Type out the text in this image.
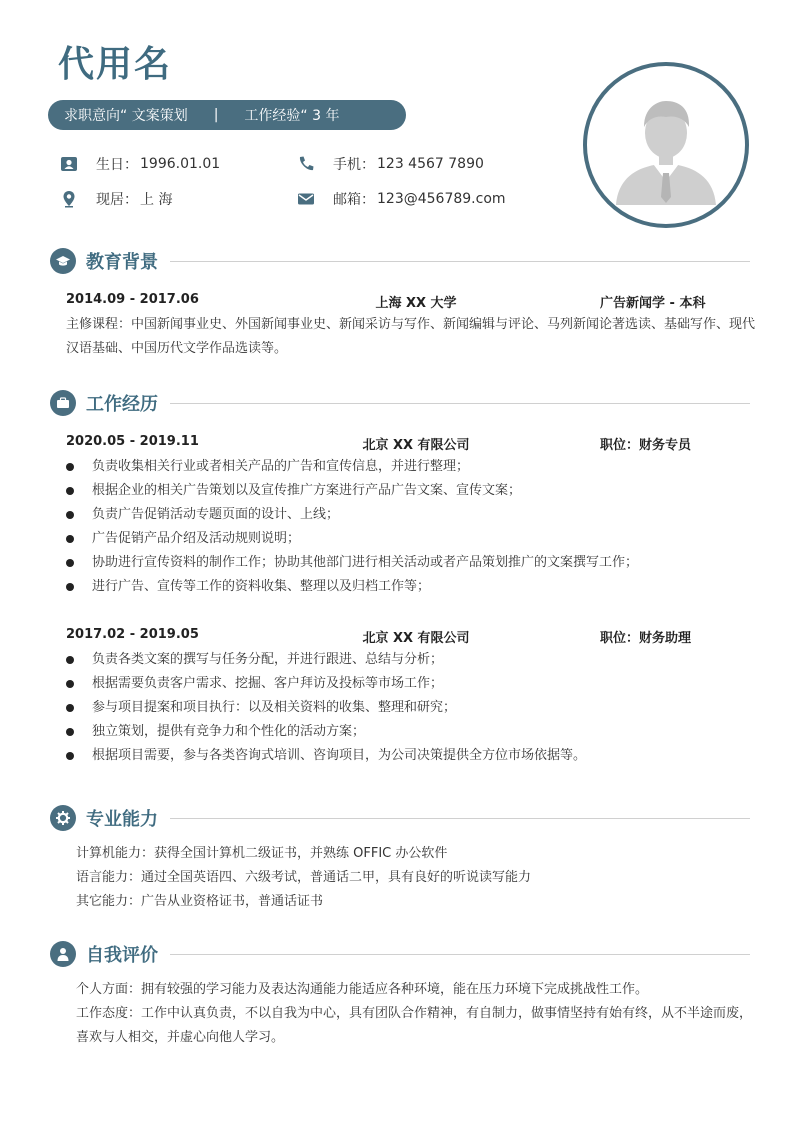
代用名
求职意向“ 文案策划 | 工作经验“ 3 年
生日： 1996.01.01
现居： 上 海
手机： 123 4567 7890
邮箱： 123@456789.com
教育背景
2014.09 - 2017.06	上海 XX 大学	广告新闻学 - 本科
主修课程：中国新闻事业史、外国新闻事业史、新闻采访与写作、新闻编辑与评论、马列新闻论著选读、基础写作、现代汉语基础、中国历代文学作品选读等。
工作经历
2020.05 - 2019.11	北京 XX 有限公司	职位：财务专员
负责收集相关行业或者相关产品的广告和宣传信息，并进行整理；
根据企业的相关广告策划以及宣传推广方案进行产品广告文案、宣传文案；
负责广告促销活动专题页面的设计、上线；
广告促销产品介绍及活动规则说明；
协助进行宣传资料的制作工作；协助其他部门进行相关活动或者产品策划推广的文案撰写工作；
进行广告、宣传等工作的资料收集、整理以及归档工作等；
2017.02 - 2019.05	北京 XX 有限公司	职位：财务助理
负责各类文案的撰写与任务分配，并进行跟进、总结与分析；
根据需要负责客户需求、挖掘、客户拜访及投标等市场工作；
参与项目提案和项目执行：以及相关资料的收集、整理和研究；
独立策划，提供有竞争力和个性化的活动方案；
根据项目需要，参与各类咨询式培训、咨询项目，为公司决策提供全方位市场依据等。
专业能力
计算机能力：获得全国计算机二级证书，并熟练 OFFIC 办公软件
语言能力：通过全国英语四、六级考试，普通话二甲，具有良好的听说读写能力
其它能力：广告从业资格证书，普通话证书
自我评价
个人方面：拥有较强的学习能力及表达沟通能力能适应各种环境，能在压力环境下完成挑战性工作。
工作态度：工作中认真负责，不以自我为中心，具有团队合作精神，有自制力，做事情坚持有始有终，从不半途而废，喜欢与人相交，并虚心向他人学习。
